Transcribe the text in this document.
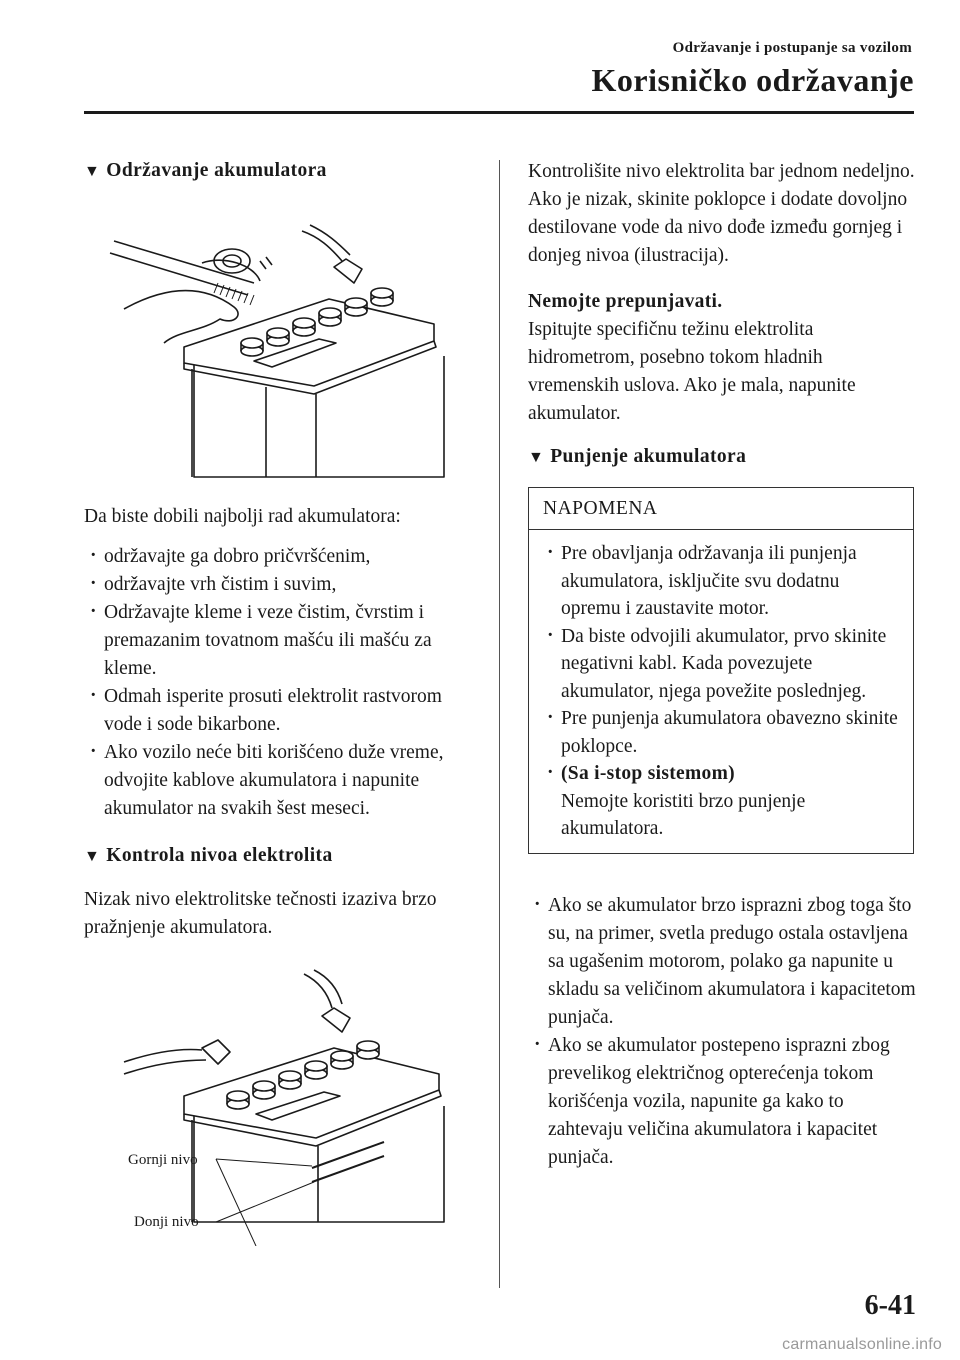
Održavanje i postupanje sa vozilom
Korisničko održavanje
▼ Održavanje akumulatora

Da biste dobili najbolji rad akumulatora:

· održavajte ga dobro pričvršćenim,
· održavajte vrh čistim i suvim,
· Održavajte kleme i veze čistim, čvrstim i premazanim tovatnom mašću ili mašću za kleme.
· Odmah isperite prosuti elektrolit rastvorom vode i sode bikarbone.
· Ako vozilo neće biti korišćeno duže vreme, odvojite kablove akumulatora i napunite akumulator na svakih šest meseci.
▼ Kontrola nivoa elektrolita

Nizak nivo elektrolitske tečnosti izaziva brzo pražnjenje akumulatora.

Gornji nivo
Donji nivo

Kontrolišite nivo elektrolita bar jednom nedeljno. Ako je nizak, skinite poklopce i dodate dovoljno destilovane vode da nivo dođe između gornjeg i donjeg nivoa (ilustracija).

Nemojte prepunjavati.

Ispitujte specifičnu težinu elektrolita hidrometrom, posebno tokom hladnih vremenskih uslova. Ako je mala, napunite akumulator.

▼ Punjenje akumulatora
NAPOMENA
· Pre obavljanja održavanja ili punjenja akumulatora, isključite svu dodatnu opremu i zaustavite motor.
· Da biste odvojili akumulator, prvo skinite negativni kabl. Kada povezujete akumulator, njega povežite poslednjeg.
· Pre punjenja akumulatora obavezno skinite poklopce.
· (Sa i-stop sistemom)
Nemojte koristiti brzo punjenje akumulatora.
· Ako se akumulator brzo isprazni zbog toga što su, na primer, svetla predugo ostala ostavljena sa ugašenim motorom, polako ga napunite u skladu sa veličinom akumulatora i kapacitetom punjača.
· Ako se akumulator postepeno isprazni zbog prevelikog električnog opterećenja tokom korišćenja vozila, napunite ga kako to zahtevaju veličina akumulatora i kapacitet punjača.
6-41
carmanualsonline.info
